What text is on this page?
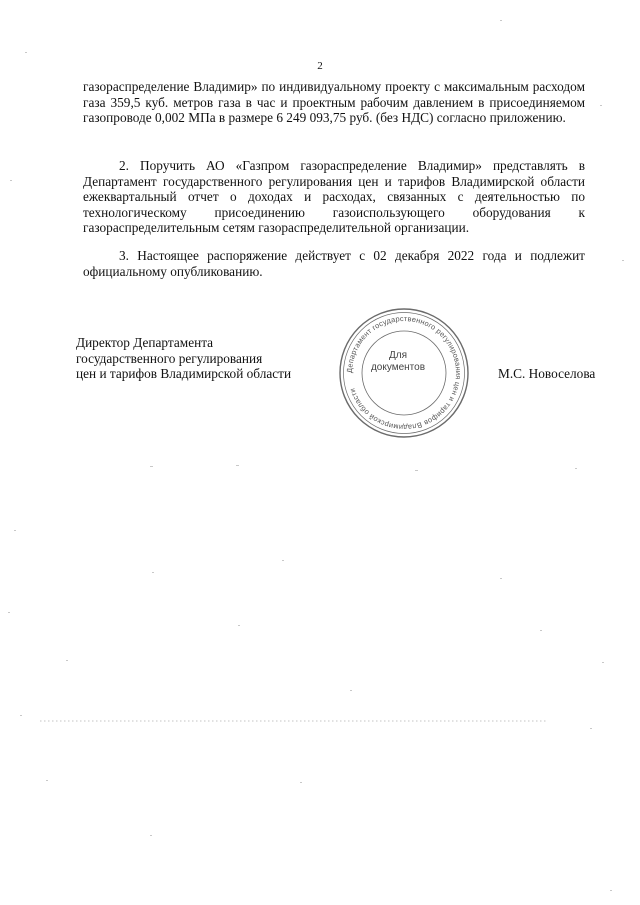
2
газораспределение Владимир» по индивидуальному проекту с максимальным расходом газа 359,5 куб. метров газа в час и проектным рабочим давлением в присоединяемом газопроводе 0,002 МПа в размере 6 249 093,75 руб. (без НДС) согласно приложению.
2. Поручить АО «Газпром газораспределение Владимир» представлять в Департамент государственного регулирования цен и тарифов Владимирской области ежеквартальный отчет о доходах и расходах, связанных с деятельностью по технологическому присоединению газоиспользующего оборудования к газораспределительным сетям газораспределительной организации.
3. Настоящее распоряжение действует с 02 декабря 2022 года и подлежит официальному опубликованию.
Директор Департамента
государственного регулирования
цен и тарифов Владимирской области	Департамент государственного регулирования цен и тарифов Владимирской области
Для
документов	М.С. Новоселова
